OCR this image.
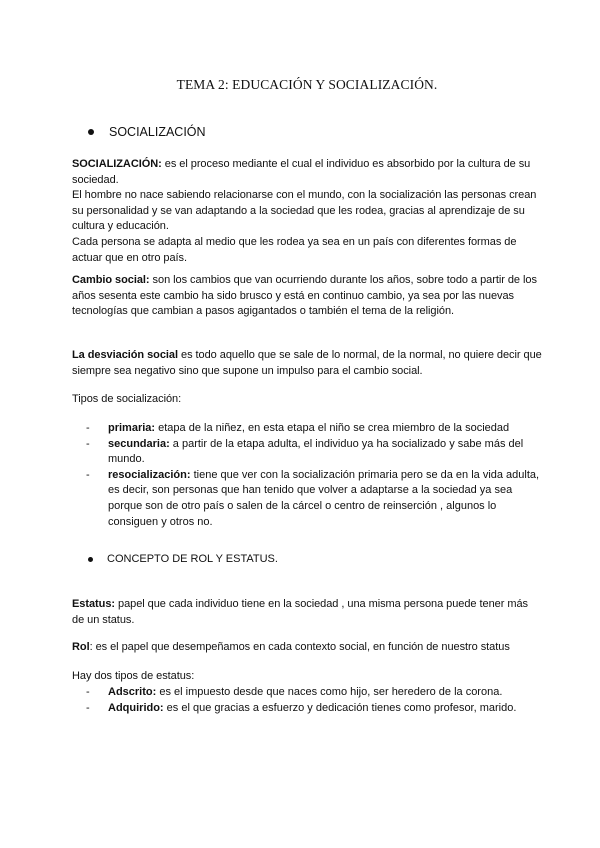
TEMA 2: EDUCACIÓN Y SOCIALIZACIÓN.
SOCIALIZACIÓN

SOCIALIZACIÓN: es el proceso mediante el cual el individuo es absorbido por la cultura de su sociedad.

El hombre no nace sabiendo relacionarse con el mundo, con la socialización las personas crean su personalidad y se van adaptando a la sociedad que les rodea, gracias al aprendizaje de su cultura y educación.

Cada persona se adapta al medio que les rodea ya sea en un país con diferentes formas de actuar que en otro país.

Cambio social: son los cambios que van ocurriendo durante los años, sobre todo a partir de los años sesenta este cambio ha sido brusco y está en continuo cambio, ya sea por las nuevas tecnologías que cambian a pasos agigantados o también el tema de la religión.

La desviación social es todo aquello que se sale de lo normal, de la normal, no quiere decir que siempre sea negativo sino que supone un impulso para el cambio social.

Tipos de socialización:
-	primaria: etapa de la niñez, en esta etapa el niño se crea miembro de la sociedad
-	secundaria: a partir de la etapa adulta, el individuo ya ha socializado y sabe más del mundo.
-	resocialización: tiene que ver con la socialización primaria pero se da en la vida adulta, es decir, son personas que han tenido que volver a adaptarse a la sociedad ya sea porque son de otro país o salen de la cárcel o centro de reinserción , algunos lo consiguen y otros no.
CONCEPTO DE ROL Y ESTATUS.

Estatus: papel que cada individuo tiene en la sociedad , una misma persona puede tener más de un status.

Rol: es el papel que desempeñamos en cada contexto social, en función de nuestro status

Hay dos tipos de estatus:
-	Adscrito: es el impuesto desde que naces como hijo, ser heredero de la corona.
-	Adquirido: es el que gracias a esfuerzo y dedicación tienes como profesor, marido.
